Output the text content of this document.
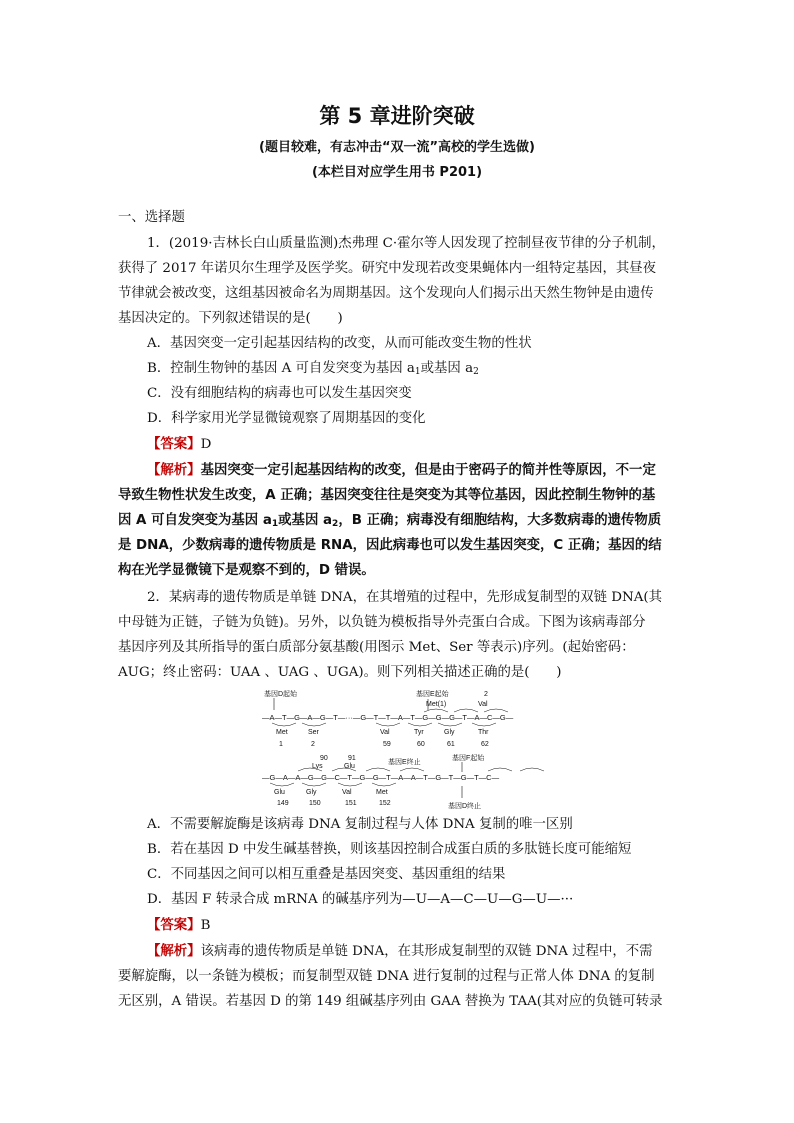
第 5 章进阶突破
(题目较难，有志冲击“双一流”高校的学生选做)
(本栏目对应学生用书 P201)
一、选择题
1．(2019·吉林长白山质量监测)杰弗理 C·霍尔等人因发现了控制昼夜节律的分子机制，
获得了 2017 年诺贝尔生理学及医学奖。研究中发现若改变果蝇体内一组特定基因，其昼夜
节律就会被改变，这组基因被命名为周期基因。这个发现向人们揭示出天然生物钟是由遗传
基因决定的。下列叙述错误的是(　　)
A．基因突变一定引起基因结构的改变，从而可能改变生物的性状
B．控制生物钟的基因 A 可自发突变为基因 $a_1$或基因 $a_2$
C．没有细胞结构的病毒也可以发生基因突变
D．科学家用光学显微镜观察了周期基因的变化
【答案】D
【解析】基因突变一定引起基因结构的改变，但是由于密码子的简并性等原因，不一定
导致生物性状发生改变，A 正确；基因突变往往是突变为其等位基因，因此控制生物钟的基
因 A 可自发突变为基因 $a_1$或基因 $a_2$，B 正确；病毒没有细胞结构，大多数病毒的遗传物质
是 DNA，少数病毒的遗传物质是 RNA，因此病毒也可以发生基因突变，C 正确；基因的结
构在光学显微镜下是观察不到的，D 错误。
2．某病毒的遗传物质是单链 DNA，在其增殖的过程中，先形成复制型的双链 DNA(其
中母链为正链，子链为负链)。另外，以负链为模板指导外壳蛋白合成。下图为该病毒部分
基因序列及其所指导的蛋白质部分氨基酸(用图示 Met、Ser 等表示)序列。(起始密码：
AUG；终止密码：UAA 、UAG 、UGA)。则下列相关描述正确的是(　　)
基因D起始	基因E起始	2
Met(1)	Val
—A—T—G—A—G—T—···—G—T—T—A—T—G—G—G—T—A—C—G—
Met
1
Ser
2
Val
59
Tyr
60
Gly
61
Thr
62
90	91
Lys	Glu
基因E终止
基因F起始
—G—A—A—G—G—C—T—G—G—T—A—A—T—G—T—G—T—C—
Glu
149
Gly
150
Val
151
Met
152	基因D终止
A．不需要解旋酶是该病毒 DNA 复制过程与人体 DNA 复制的唯一区别
B．若在基因 D 中发生碱基替换，则该基因控制合成蛋白质的多肽链长度可能缩短
C．不同基因之间可以相互重叠是基因突变、基因重组的结果
D．基因 F 转录合成 mRNA 的碱基序列为—U—A—C—U—G—U—···
【答案】B
【解析】该病毒的遗传物质是单链 DNA，在其形成复制型的双链 DNA 过程中，不需
要解旋酶，以一条链为模板；而复制型双链 DNA 进行复制的过程与正常人体 DNA 的复制
无区别，A 错误。若基因 D 的第 149 组碱基序列由 GAA 替换为 TAA(其对应的负链可转录
